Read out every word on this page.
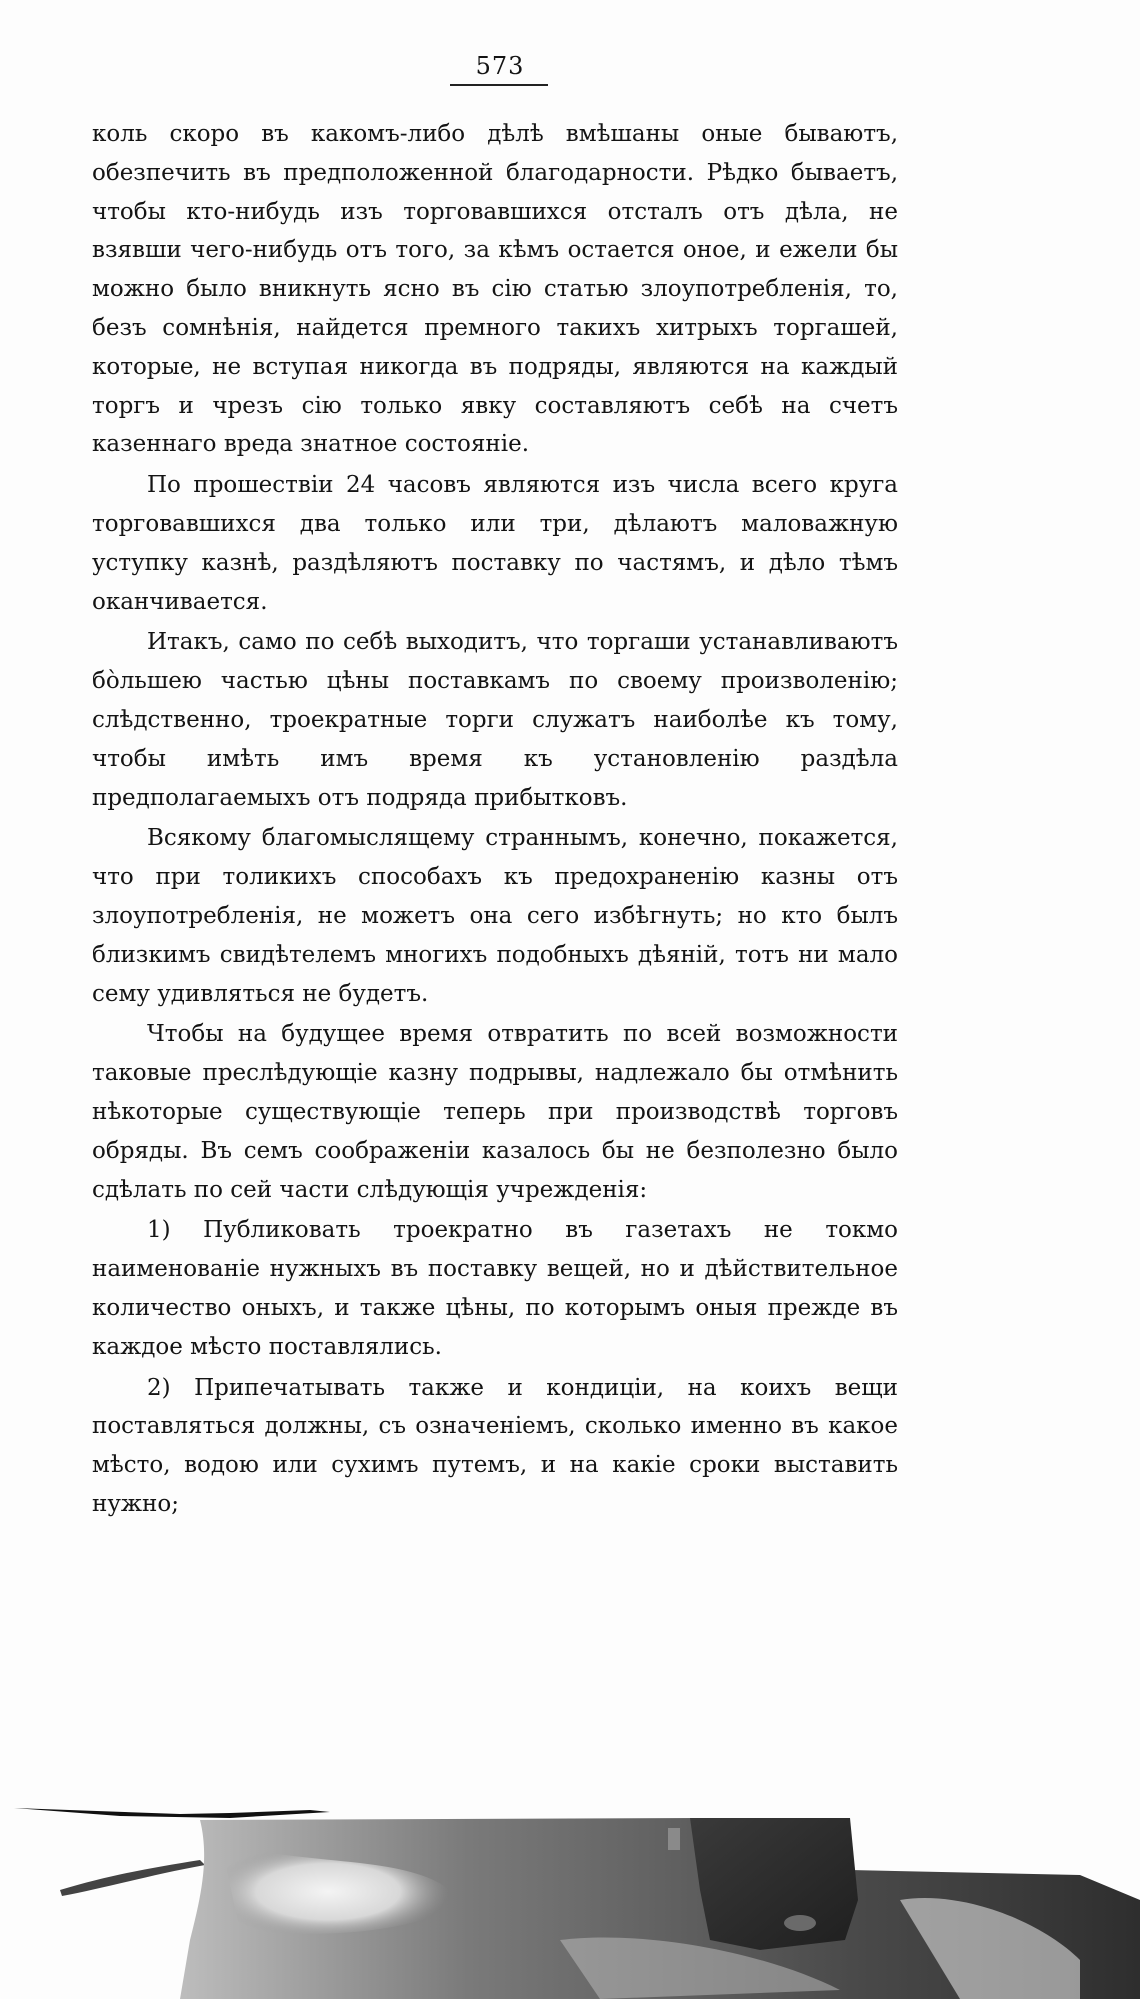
573

коль скоро въ какомъ-либо дѣлѣ вмѣшаны оные бываютъ, обезпечить въ предположенной благодарности. Рѣдко бываетъ, чтобы кто-нибудь изъ торговавшихся отсталъ отъ дѣла, не взявши чего-нибудь отъ того, за кѣмъ остается оное, и ежели бы можно было вникнуть ясно въ сію статью злоупотребленія, то, безъ сомнѣнія, найдется премного такихъ хитрыхъ торгашей, которые, не вступая никогда въ подряды, являются на каждый торгъ и чрезъ сію только явку составляютъ себѣ на счетъ казеннаго вреда знатное состояніе.

По прошествіи 24 часовъ являются изъ числа всего круга торговавшихся два только или три, дѣлаютъ маловажную уступку казнѣ, раздѣляютъ поставку по частямъ, и дѣло тѣмъ оканчивается.

Итакъ, само по себѣ выходитъ, что торгаши устанавливаютъ бо̀льшею частью цѣны поставкамъ по своему произволенію; слѣдственно, троекратные торги служатъ наиболѣе къ тому, чтобы имѣть имъ время къ установленію раздѣла предполагаемыхъ отъ подряда прибытковъ.

Всякому благомыслящему страннымъ, конечно, покажется, что при толикихъ способахъ къ предохраненію казны отъ злоупотребленія, не можетъ она сего избѣгнуть; но кто былъ близкимъ свидѣтелемъ многихъ подобныхъ дѣяній, тотъ ни мало сему удивляться не будетъ.

Чтобы на будущее время отвратить по всей возможности таковые преслѣдующіе казну подрывы, надлежало бы отмѣнить нѣкоторые существующіе теперь при производствѣ торговъ обряды. Въ семъ соображеніи казалось бы не безполезно было сдѣлать по сей части слѣдующія учрежденія:

1) Публиковать троекратно въ газетахъ не токмо наименованіе нужныхъ въ поставку вещей, но и дѣйствительное количество оныхъ, и также цѣны, по которымъ оныя прежде въ каждое мѣсто поставлялись.

2) Припечатывать также и кондиціи, на коихъ вещи поставляться должны, съ означеніемъ, сколько именно въ какое мѣсто, водою или сухимъ путемъ, и на какіе сроки выставить нужно;
